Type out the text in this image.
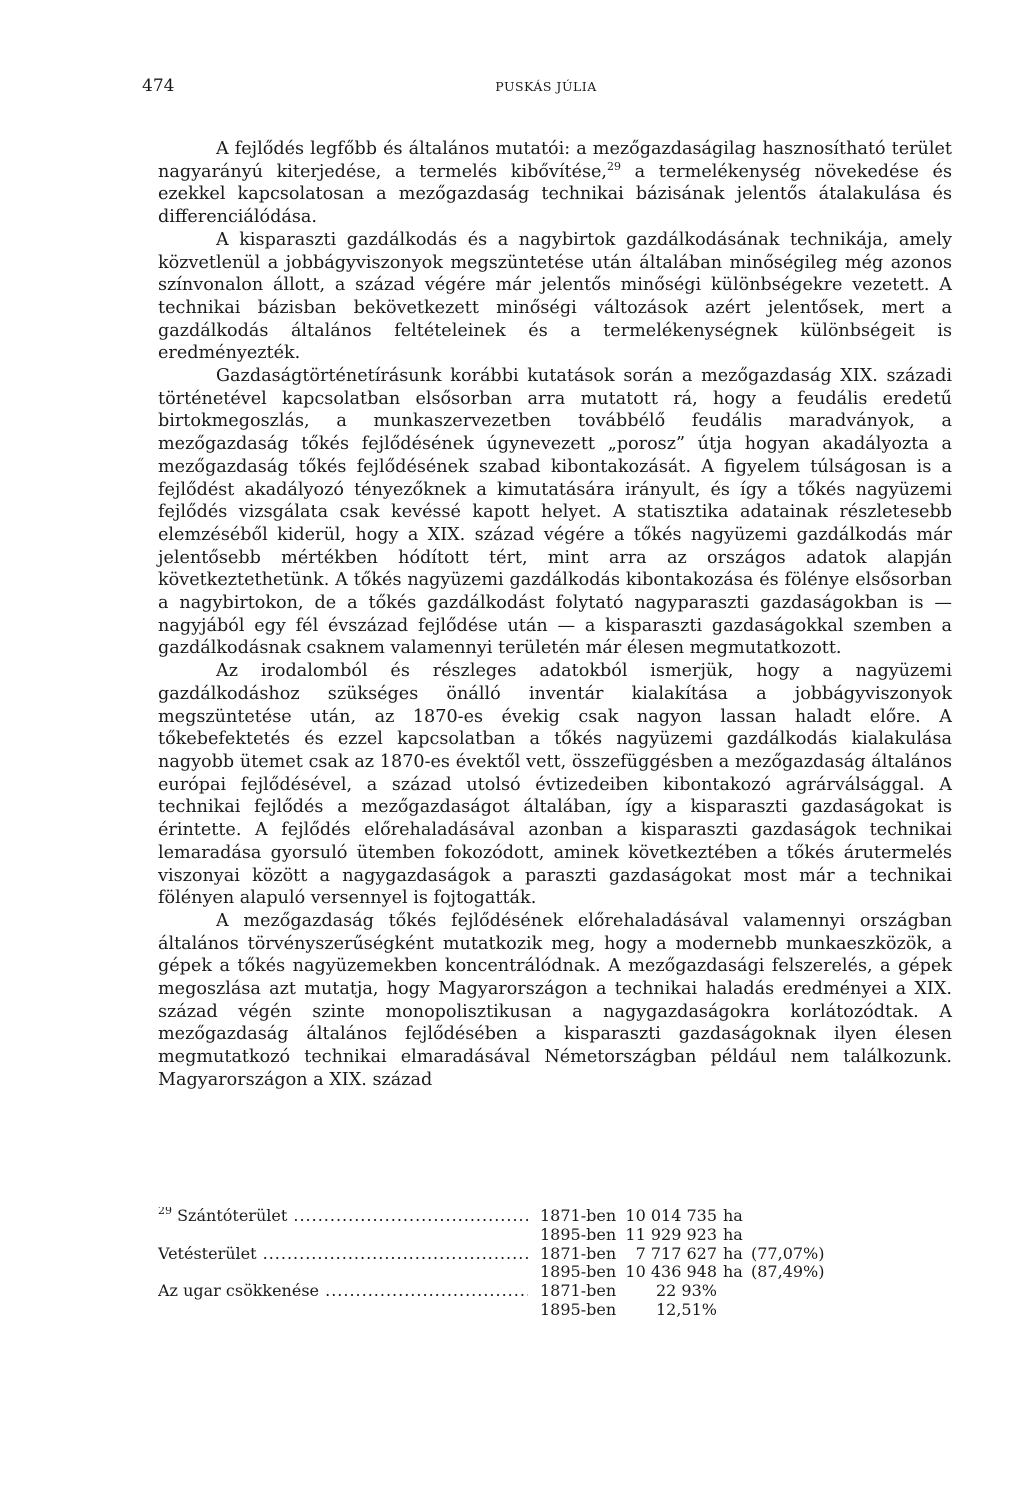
474	PUSKÁS JÚLIA

A fejlődés legfőbb és általános mutatói: a mezőgazdaságilag hasznosítható terület nagyarányú kiterjedése, a termelés kibővítése,$^{29}$ a termelékenység növekedése és ezekkel kapcsolatosan a mezőgazdaság technikai bázisának jelentős átalakulása és differenciálódása.

A kisparaszti gazdálkodás és a nagybirtok gazdálkodásának technikája, amely közvetlenül a jobbágyviszonyok megszüntetése után általában minőségileg még azonos színvonalon állott, a század végére már jelentős minőségi különbségekre vezetett. A technikai bázisban bekövetkezett minőségi változások azért jelentősek, mert a gazdálkodás általános feltételeinek és a termelékenységnek különbségeit is eredményezték.

Gazdaságtörténetírásunk korábbi kutatások során a mezőgazdaság XIX. századi történetével kapcsolatban elsősorban arra mutatott rá, hogy a feudális eredetű birtokmegoszlás, a munkaszervezetben továbbélő feudális maradványok, a mezőgazdaság tőkés fejlődésének úgynevezett „porosz” útja hogyan akadályozta a mezőgazdaság tőkés fejlődésének szabad kibontakozását. A figyelem túlságosan is a fejlődést akadályozó tényezőknek a kimutatására irányult, és így a tőkés nagyüzemi fejlődés vizsgálata csak kevéssé kapott helyet. A statisztika adatainak részletesebb elemzéséből kiderül, hogy a XIX. század végére a tőkés nagyüzemi gazdálkodás már jelentősebb mértékben hódított tért, mint arra az országos adatok alapján következtethetünk. A tőkés nagyüzemi gazdálkodás kibontakozása és fölénye elsősorban a nagybirtokon, de a tőkés gazdálkodást folytató nagyparaszti gazdaságokban is — nagyjából egy fél évszázad fejlődése után — a kisparaszti gazdaságokkal szemben a gazdálkodásnak csaknem valamennyi területén már élesen megmutatkozott.

Az irodalomból és részleges adatokból ismerjük, hogy a nagyüzemi gazdálkodáshoz szükséges önálló inventár kialakítása a jobbágyviszonyok megszüntetése után, az 1870-es évekig csak nagyon lassan haladt előre. A tőkebefektetés és ezzel kapcsolatban a tőkés nagyüzemi gazdálkodás kialakulása nagyobb ütemet csak az 1870-es évektől vett, összefüggésben a mezőgazdaság általános európai fejlődésével, a század utolsó évtizedeiben kibontakozó agrárválsággal. A technikai fejlődés a mezőgazdaságot általában, így a kisparaszti gazdaságokat is érintette. A fejlődés előrehaladásával azonban a kisparaszti gazdaságok technikai lemaradása gyorsuló ütemben fokozódott, aminek következtében a tőkés árutermelés viszonyai között a nagygazdaságok a paraszti gazdaságokat most már a technikai fölényen alapuló versennyel is fojtogatták.

A mezőgazdaság tőkés fejlődésének előrehaladásával valamennyi országban általános törvényszerűségként mutatkozik meg, hogy a modernebb munkaeszközök, a gépek a tőkés nagyüzemekben koncentrálódnak. A mezőgazdasági felszerelés, a gépek megoszlása azt mutatja, hogy Magyarországon a technikai haladás eredményei a XIX. század végén szinte monopolisztikusan a nagygazdaságokra korlátozódtak. A mezőgazdaság általános fejlődésében a kisparaszti gazdaságoknak ilyen élesen megmutatkozó technikai elmaradásával Németországban például nem találkozunk. Magyarországon a XIX. század

$^{29}$ Szántóterület .....	1871-ben 10 014 735 ha
1895-ben 11 929 923 ha
Vetésterület .....	1871-ben	7 717 627 ha (77,07%)
1895-ben 10 436 948 ha (87,49%)
Az ugar csökkenése .....	1871-ben	22 93%
1895-ben	12,51%
